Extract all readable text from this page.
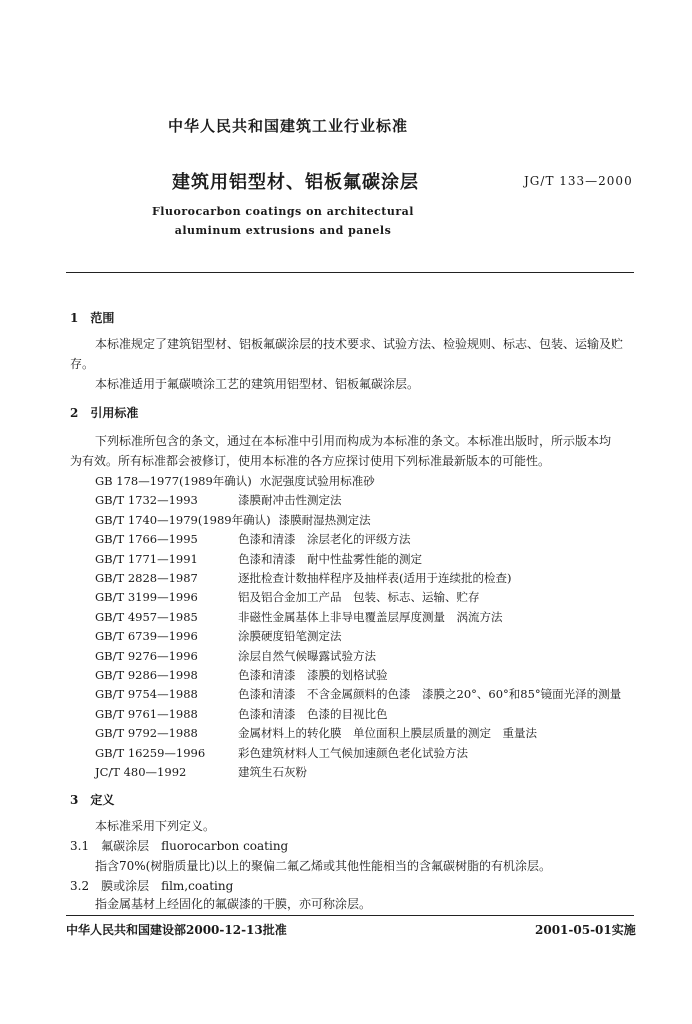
中华人民共和国建筑工业行业标准
建筑用铝型材、铝板氟碳涂层	JG/T 133—2000
Fluorocarbon coatings on architectural
aluminum extrusions and panels
1　范围
本标准规定了建筑铝型材、铝板氟碳涂层的技术要求、试验方法、检验规则、标志、包装、运输及贮
存。
本标准适用于氟碳喷涂工艺的建筑用铝型材、铝板氟碳涂层。
2　引用标准
下列标准所包含的条文，通过在本标准中引用而构成为本标准的条文。本标准出版时，所示版本均
为有效。所有标准都会被修订，使用本标准的各方应探讨使用下列标准最新版本的可能性。
GB 178—1977(1989年确认) 水泥强度试验用标准砂
GB/T 1732—1993	漆膜耐冲击性测定法
GB/T 1740—1979(1989年确认) 漆膜耐湿热测定法
GB/T 1766—1995	色漆和清漆　涂层老化的评级方法
GB/T 1771—1991	色漆和清漆　耐中性盐雾性能的测定
GB/T 2828—1987	逐批检查计数抽样程序及抽样表(适用于连续批的检查)
GB/T 3199—1996	铝及铝合金加工产品　包装、标志、运输、贮存
GB/T 4957—1985	非磁性金属基体上非导电覆盖层厚度测量　涡流方法
GB/T 6739—1996	涂膜硬度铅笔测定法
GB/T 9276—1996	涂层自然气候曝露试验方法
GB/T 9286—1998	色漆和清漆　漆膜的划格试验
GB/T 9754—1988	色漆和清漆　不含金属颜料的色漆　漆膜之20°、60°和85°镜面光泽的测量
GB/T 9761—1988	色漆和清漆　色漆的目视比色
GB/T 9792—1988	金属材料上的转化膜　单位面积上膜层质量的测定　重量法
GB/T 16259—1996	彩色建筑材料人工气候加速颜色老化试验方法
JC/T 480—1992	建筑生石灰粉
3　定义
本标准采用下列定义。
3.1　氟碳涂层　fluorocarbon coating
指含70%(树脂质量比)以上的聚偏二氟乙烯或其他性能相当的含氟碳树脂的有机涂层。
3.2　膜或涂层　film,coating
指金属基材上经固化的氟碳漆的干膜，亦可称涂层。
中华人民共和国建设部2000-12-13批准	2001-05-01实施
